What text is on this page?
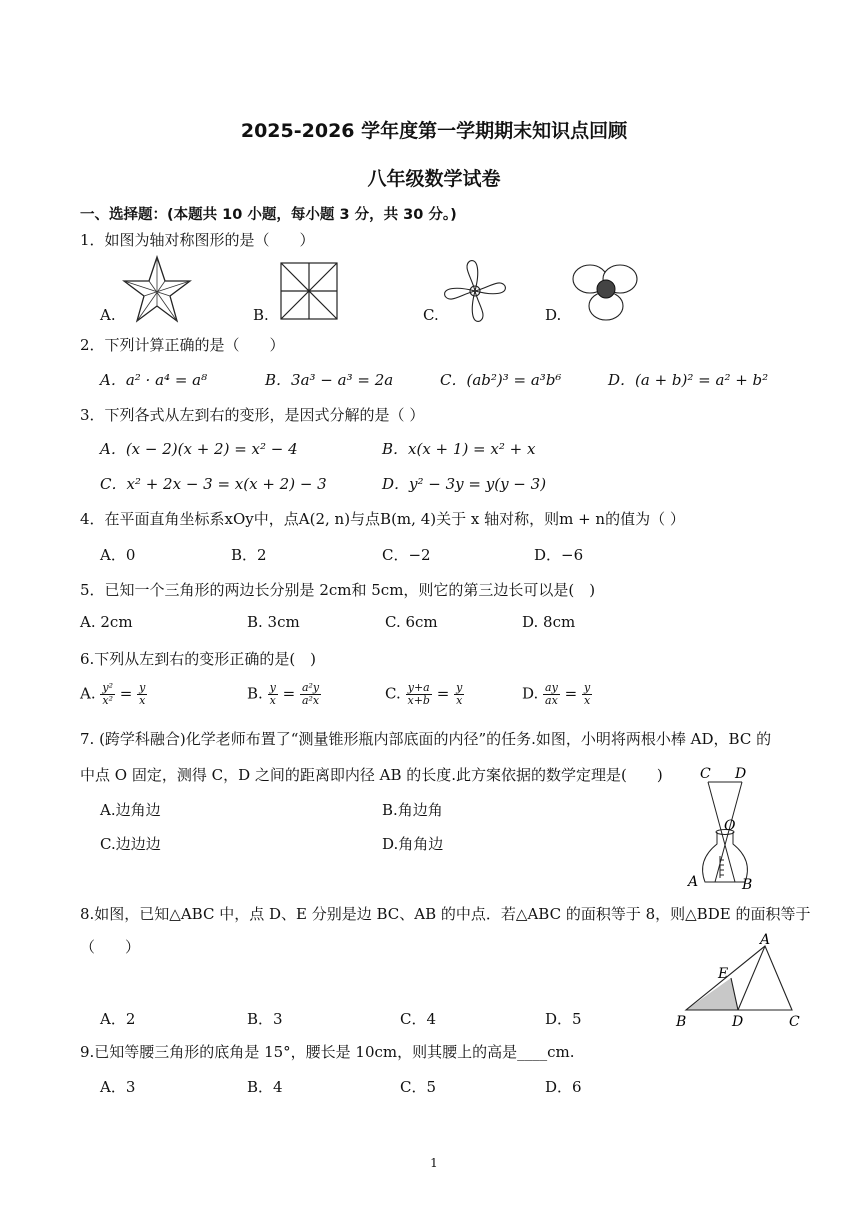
2025-2026 学年度第一学期期末知识点回顾
八年级数学试卷
一、选择题：(本题共 10 小题，每小题 3 分，共 30 分。)
1．如图为轴对称图形的是（　　）
A.	B.	C.	D.
2．下列计算正确的是（　　）
A．a² · a⁴ = a⁸	B．3a³ − a³ = 2a	C．(ab²)³ = a³b⁶	D．(a + b)² = a² + b²
3．下列各式从左到右的变形，是因式分解的是（ ）
A．(x − 2)(x + 2) = x² − 4	B．x(x + 1) = x² + x
C．x² + 2x − 3 = x(x + 2) − 3	D．y² − 3y = y(y − 3)
4．在平面直角坐标系xOy中，点A(2, n)与点B(m, 4)关于 x 轴对称，则m + n的值为（ ）
A．0	B．2	C．−2	D．−6
5．已知一个三角形的两边长分别是 2cm和 5cm，则它的第三边长可以是(　)
A. 2cm	B. 3cm	C. 6cm	D. 8cm
6.下列从左到右的变形正确的是(　)
A. $\frac{\text{y²}}{\text{x²}} = \frac{y}{x}$	B. $\frac{y}{x} = \frac{\text{a²y}}{\text{a²x}}$	C. $\frac{y+a}{x+b} = \frac{y}{x}$	D. $\frac{ay}{ax} = \frac{y}{x}$
7. (跨学科融合)化学老师布置了“测量锥形瓶内部底面的内径”的任务.如图，小明将两根小棒 AD，BC 的
中点 O 固定，测得 C，D 之间的距离即内径 AB 的长度.此方案依据的数学定理是(　　)
A.边角边	B.角边角
C.边边边	D.角角边
C D
O
A	B
8.如图，已知△ABC 中，点 D、E 分别是边 BC、AB 的中点．若△ABC 的面积等于 8，则△BDE 的面积等于
（　　）
A．2	B．3	C．4	D．5
A
E
B	D	C
9.已知等腰三角形的底角是 15°，腰长是 10cm，则其腰上的高是____cm.
A．3	B．4	C．5	D．6
1
